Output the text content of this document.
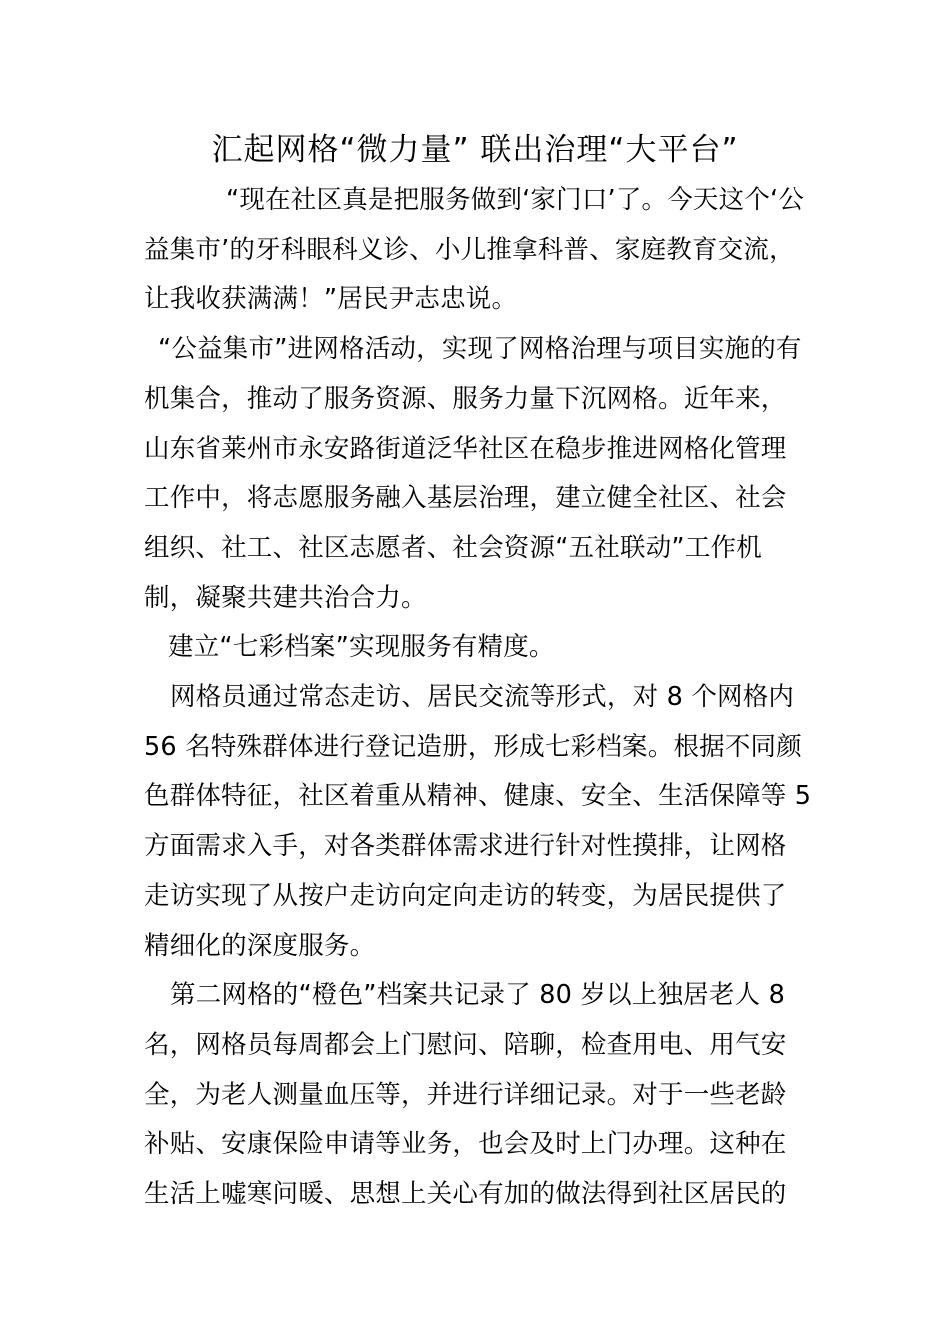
汇起网格“微力量” 联出治理“大平台”

“现在社区真是把服务做到‘家门口’了。今天这个‘公益集市’的牙科眼科义诊、小儿推拿科普、家庭教育交流，让我收获满满！”居民尹志忠说。

“公益集市”进网格活动，实现了网格治理与项目实施的有机集合，推动了服务资源、服务力量下沉网格。近年来，山东省莱州市永安路街道泛华社区在稳步推进网格化管理工作中，将志愿服务融入基层治理，建立健全社区、社会组织、社工、社区志愿者、社会资源“五社联动”工作机制，凝聚共建共治合力。

建立“七彩档案”实现服务有精度。

网格员通过常态走访、居民交流等形式，对 8 个网格内 56 名特殊群体进行登记造册，形成七彩档案。根据不同颜色群体特征，社区着重从精神、健康、安全、生活保障等 5 方面需求入手，对各类群体需求进行针对性摸排，让网格走访实现了从按户走访向定向走访的转变，为居民提供了精细化的深度服务。

第二网格的“橙色”档案共记录了 80 岁以上独居老人 8 名，网格员每周都会上门慰问、陪聊，检查用电、用气安全，为老人测量血压等，并进行详细记录。对于一些老龄补贴、安康保险申请等业务，也会及时上门办理。这种在生活上嘘寒问暖、思想上关心有加的做法得到社区居民的
